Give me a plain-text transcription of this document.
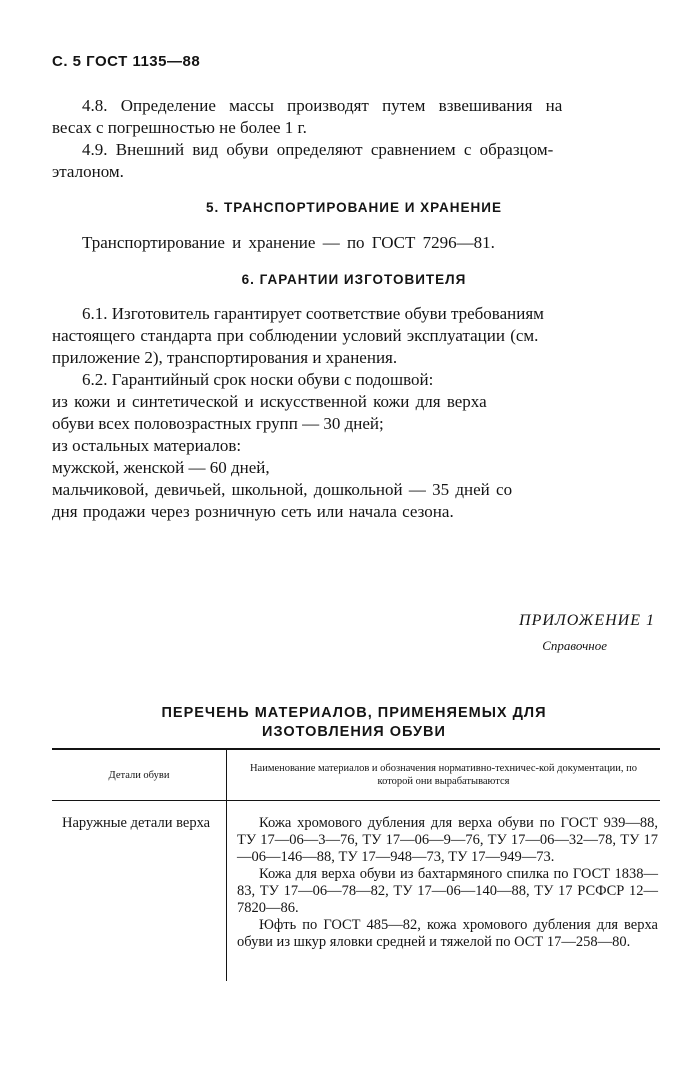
С. 5 ГОСТ 1135—88
4.8. Определение массы производят путем взвешивания на
весах с погрешностью не более 1 г.
4.9. Внешний вид обуви определяют сравнением с образцом-
эталоном.
5. ТРАНСПОРТИРОВАНИЕ И ХРАНЕНИЕ
Транспортирование и хранение — по ГОСТ 7296—81.
6. ГАРАНТИИ ИЗГОТОВИТЕЛЯ
6.1. Изготовитель гарантирует соответствие обуви требованиям
настоящего стандарта при соблюдении условий эксплуатации (см.
приложение 2), транспортирования и хранения.
6.2. Гарантийный срок носки обуви с подошвой:
из кожи и синтетической и искусственной кожи для верха
обуви всех половозрастных групп — 30 дней;
из остальных материалов:
мужской, женской — 60 дней,
мальчиковой, девичьей, школьной, дошкольной — 35 дней со
дня продажи через розничную сеть или начала сезона.
ПРИЛОЖЕНИЕ 1
Справочное
ПЕРЕЧЕНЬ МАТЕРИАЛОВ, ПРИМЕНЯЕМЫХ ДЛЯ
ИЗОТОВЛЕНИЯ ОБУВИ
Детали обуви	Наименование материалов и обозначения нормативно-техничес-кой документации, по которой они вырабатываются
Наружные детали верха	Кожа хромового дубления для верха обуви по ГОСТ 939—88, ТУ 17—06—3—76, ТУ 17—06—9—76, ТУ 17—06—32—78, ТУ 17—06—146—88, ТУ 17—948—73, ТУ 17—949—73.
Кожа для верха обуви из бахтармяного спилка по ГОСТ 1838—83, ТУ 17—06—78—82, ТУ 17—06—140—88, ТУ 17 РСФСР 12—7820—86.
Юфть по ГОСТ 485—82, кожа хромового дубления для верха обуви из шкур яловки средней и тяжелой по ОСТ 17—258—80.
